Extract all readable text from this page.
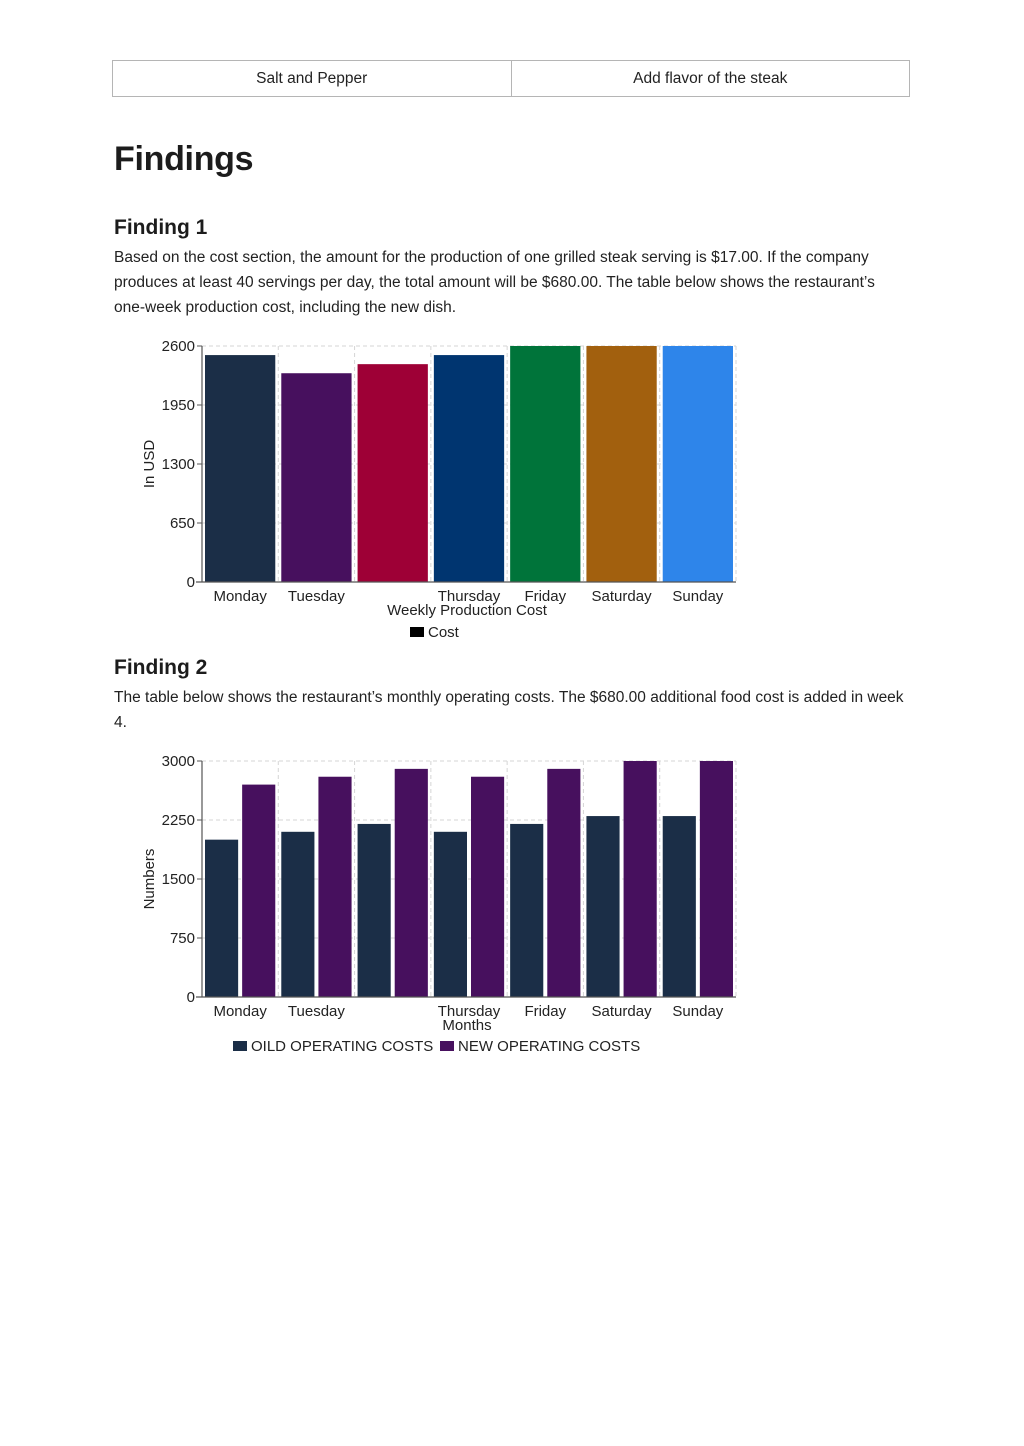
Salt and Pepper	Add flavor of the steak
Findings
Finding 1

Based on the cost section, the amount for the production of one grilled steak serving is $17.00. If the company produces at least 40 servings per day, the total amount will be $680.00. The table below shows the restaurant’s one-week production cost, including the new dish.

0
650
1300
1950
2600
Monday Tuesday	Thursday Friday Saturday Sunday
In USD
Weekly Production Cost
Cost
Finding 2

The table below shows the restaurant’s monthly operating costs. The $680.00 additional food cost is added in week 4.

0
750
1500
2250
3000
Monday Tuesday	Thursday Friday Saturday Sunday
Numbers
Months
OILD OPERATING COSTS NEW OPERATING COSTS
